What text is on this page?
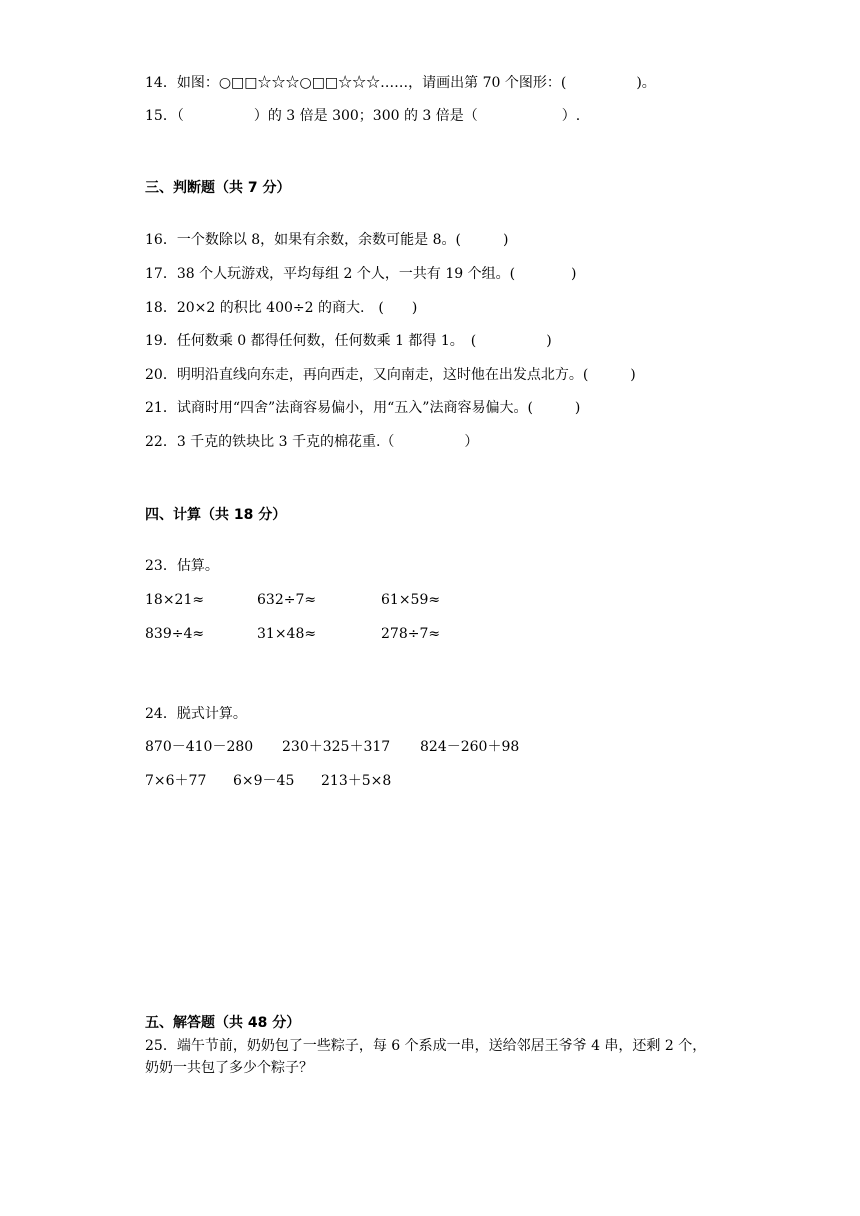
14．如图：○□□☆☆☆○□□☆☆☆……，请画出第 70 个图形：(　　　　　)。
15．（　　　　　）的 3 倍是 300；300 的 3 倍是（　　　　　　）.
三、判断题（共 7 分）
16．一个数除以 8，如果有余数，余数可能是 8。(　　　)
17．38 个人玩游戏，平均每组 2 个人，一共有 19 个组。(　　　　)
18．20×2 的积比 400÷2 的商大.　(　　)
19．任何数乘 0 都得任何数，任何数乘 1 都得 1。　(　　　　　)
20．明明沿直线向东走，再向西走，又向南走，这时他在出发点北方。(　　　)
21．试商时用“四舍”法商容易偏小，用“五入”法商容易偏大。(　　　)
22．3 千克的铁块比 3 千克的棉花重.（　　　　　）
四、计算（共 18 分）
23．估算。
18×21≈	632÷7≈	61×59≈
839÷4≈	31×48≈	278÷7≈
24．脱式计算。
870－410－280 230＋325＋317 824－260＋98
7×6＋77 6×9－45 213＋5×8
五、解答题（共 48 分）
25．端午节前，奶奶包了一些粽子，每 6 个系成一串，送给邻居王爷爷 4 串，还剩 2 个，
奶奶一共包了多少个粽子？
